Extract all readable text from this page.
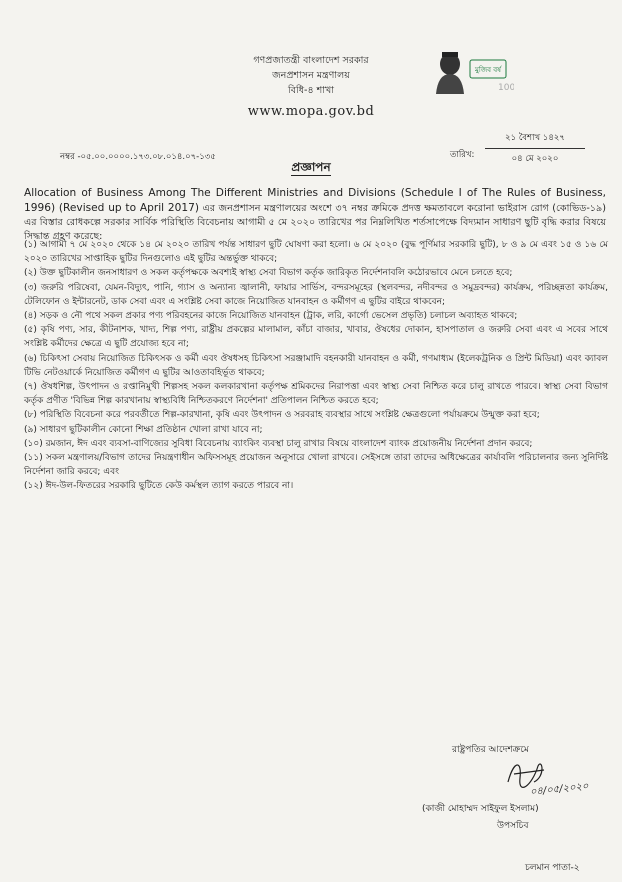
গণপ্রজাতন্ত্রী বাংলাদেশ সরকার
জনপ্রশাসন মন্ত্রণালয়
বিধি-৪ শাখা
www.mopa.gov.bd
মুজিব বর্ষ
100
নম্বর -০৫.০০.০০০০.১৭৩.০৮.০১৪.০৭-১৩৫	তারিখ:
২১ বৈশাখ ১৪২৭
০৪ মে ২০২০
প্রজ্ঞাপন
Allocation of Business Among The Different Ministries and Divisions (Schedule I of The Rules of Business, 1996) (Revised up to April 2017) এর জনপ্রশাসন মন্ত্রণালয়ের অংশে ৩৭ নম্বর ক্রমিকে প্রদত্ত ক্ষমতাবলে করোনা ভাইরাস রোগ (কোভিড-১৯) এর বিস্তার রোধকল্পে সরকার সার্বিক পরিস্থিতি বিবেচনায় আগামী ৫ মে ২০২০ তারিখের পর নিম্নলিখিত শর্তসাপেক্ষে বিদ্যমান সাধারণ ছুটি বৃদ্ধি করার বিষয়ে সিদ্ধান্ত গ্রহণ করেছে:
(১) আগামী ৭ মে ২০২০ থেকে ১৪ মে ২০২০ তারিখ পর্যন্ত সাধারণ ছুটি ঘোষণা করা হলো। ৬ মে ২০২০ (বুদ্ধ পূর্ণিমার সরকারি ছুটি), ৮ ও ৯ মে এবং ১৫ ও ১৬ মে ২০২০ তারিখের সাপ্তাহিক ছুটির দিনগুলোও এই ছুটির অন্তর্ভুক্ত থাকবে;
(২) উক্ত ছুটিকালীন জনসাধারণ ও সকল কর্তৃপক্ষকে অবশ্যই স্বাস্থ্য সেবা বিভাগ কর্তৃক জারিকৃত নির্দেশনাবলি কঠোরভাবে মেনে চলতে হবে;
(৩) জরুরি পরিষেবা, যেমন-বিদ্যুৎ, পানি, গ্যাস ও অন্যান্য জ্বালানী, ফায়ার সার্ভিস, বন্দরসমূহের (স্থলবন্দর, নদীবন্দর ও সমুদ্রবন্দর) কার্যক্রম, পরিচ্ছন্নতা কার্যক্রম, টেলিফোন ও ইন্টারনেট, ডাক সেবা এবং এ সংশ্লিষ্ট সেবা কাজে নিয়োজিত যানবাহন ও কর্মীগণ এ ছুটির বাইরে থাকবেন;
(৪) সড়ক ও নৌ পথে সকল প্রকার পণ্য পরিবহনের কাজে নিয়োজিত যানবাহন (ট্রাক, লরি, কার্গো ভেসেল প্রভৃতি) চলাচল অব্যাহত থাকবে;
(৫) কৃষি পণ্য, সার, কীটনাশক, খাদ্য, শিল্প পণ্য, রাষ্ট্রীয় প্রকল্পের মালামাল, কাঁচা বাজার, খাবার, ঔষধের দোকান, হাসপাতাল ও জরুরি সেবা এবং এ সবের সাথে সংশ্লিষ্ট কর্মীদের ক্ষেত্রে এ ছুটি প্রযোজ্য হবে না;
(৬) চিকিৎসা সেবায় নিয়োজিত চিকিৎসক ও কর্মী এবং ঔষধসহ চিকিৎসা সরঞ্জামাদি বহনকারী যানবাহন ও কর্মী, গণমাধ্যম (ইলেকট্রনিক ও প্রিন্ট মিডিয়া) এবং ক্যাবল টিভি নেটওয়ার্কে নিয়োজিত কর্মীগণ এ ছুটির আওতাবহির্ভূত থাকবে;
(৭) ঔষধশিল্প, উৎপাদন ও রপ্তানিমুখী শিল্পসহ সকল কলকারখানা কর্তৃপক্ষ শ্রমিকদের নিরাপত্তা এবং স্বাস্থ্য সেবা নিশ্চিত করে চালু রাখতে পারবে। স্বাস্থ্য সেবা বিভাগ কর্তৃক প্রণীত 'বিভিন্ন শিল্প কারখানায় স্বাস্থ্যবিধি নিশ্চিতকরণে নির্দেশনা' প্রতিপালন নিশ্চিত করতে হবে;
(৮) পরিস্থিতি বিবেচনা করে পরবর্তীতে শিল্প-কারখানা, কৃষি এবং উৎপাদন ও সরবরাহ ব্যবস্থার সাথে সংশ্লিষ্ট ক্ষেত্রগুলো পর্যায়ক্রমে উন্মুক্ত করা হবে;
(৯) সাধারণ ছুটিকালীন কোনো শিক্ষা প্রতিষ্ঠান খোলা রাখা যাবে না;
(১০) রমজান, ঈদ এবং ব্যবসা-বাণিজ্যের সুবিধা বিবেচনায় ব্যাংকিং ব্যবস্থা চালু রাখার বিষয়ে বাংলাদেশ ব্যাংক প্রয়োজনীয় নির্দেশনা প্রদান করবে;
(১১) সকল মন্ত্রণালয়/বিভাগ তাদের নিয়ন্ত্রণাধীন অফিসসমূহ প্রয়োজন অনুসারে খোলা রাখবে। সেইসঙ্গে তারা তাদের অধিক্ষেত্রের কার্যাবলি পরিচালনার জন্য সুনির্দিষ্ট নির্দেশনা জারি করবে; এবং
(১২) ঈদ-উল-ফিতরের সরকারি ছুটিতে কেউ কর্মস্থল ত্যাগ করতে পারবে না।
রাষ্ট্রপতির আদেশক্রমে
০৪/০৫/২০২০
(কাজী মোহাম্মদ সাইফুল ইসলাম)
উপসচিব
চলমান পাতা-২
